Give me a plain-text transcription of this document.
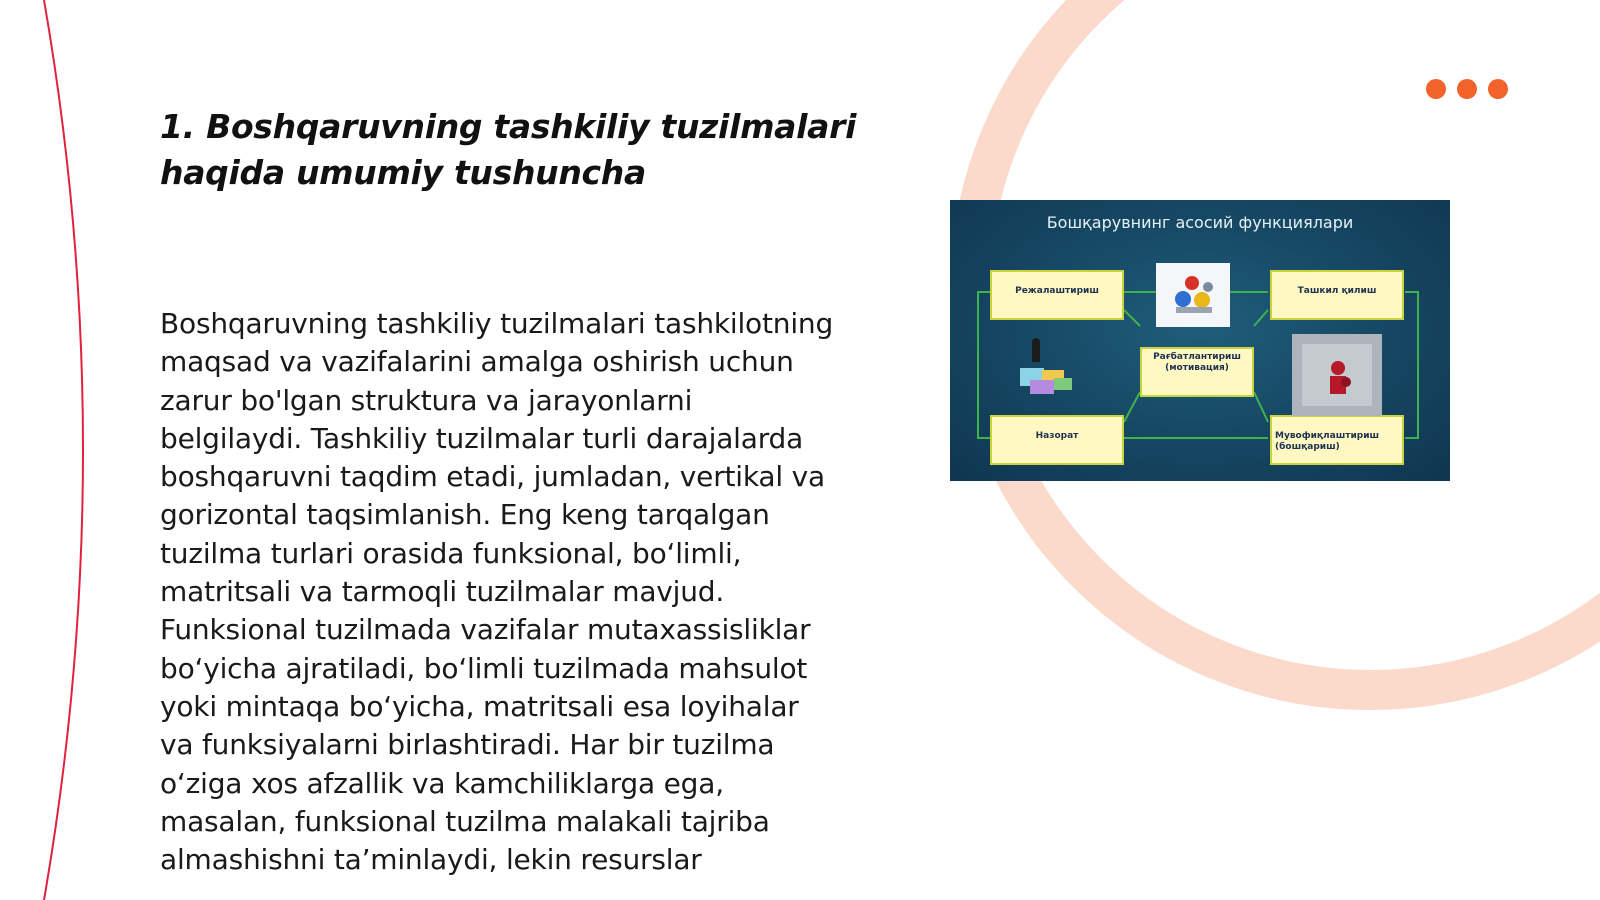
1. Boshqaruvning tashkiliy tuzilmalari haqida umumiy tushuncha

Boshqaruvning tashkiliy tuzilmalari tashkilotning maqsad va vazifalarini amalga oshirish uchun zarur bo'lgan struktura va jarayonlarni belgilaydi. Tashkiliy tuzilmalar turli darajalarda boshqaruvni taqdim etadi, jumladan, vertikal va gorizontal taqsimlanish. Eng keng tarqalgan tuzilma turlari orasida funksional, bo‘limli, matritsali va tarmoqli tuzilmalar mavjud. Funksional tuzilmada vazifalar mutaxassisliklar bo‘yicha ajratiladi, bo‘limli tuzilmada mahsulot yoki mintaqa bo‘yicha, matritsali esa loyihalar va funksiyalarni birlashtiradi. Har bir tuzilma o‘ziga xos afzallik va kamchiliklarga ega, masalan, funksional tuzilma malakali tajriba almashishni ta’minlaydi, lekin resurslar

Бошқарувнинг асосий функциялари
Режалаштириш	Ташкил қилиш
Рағбатлантириш (мотивация)
Назорат	Мувофиқлаштириш (бошқариш)
